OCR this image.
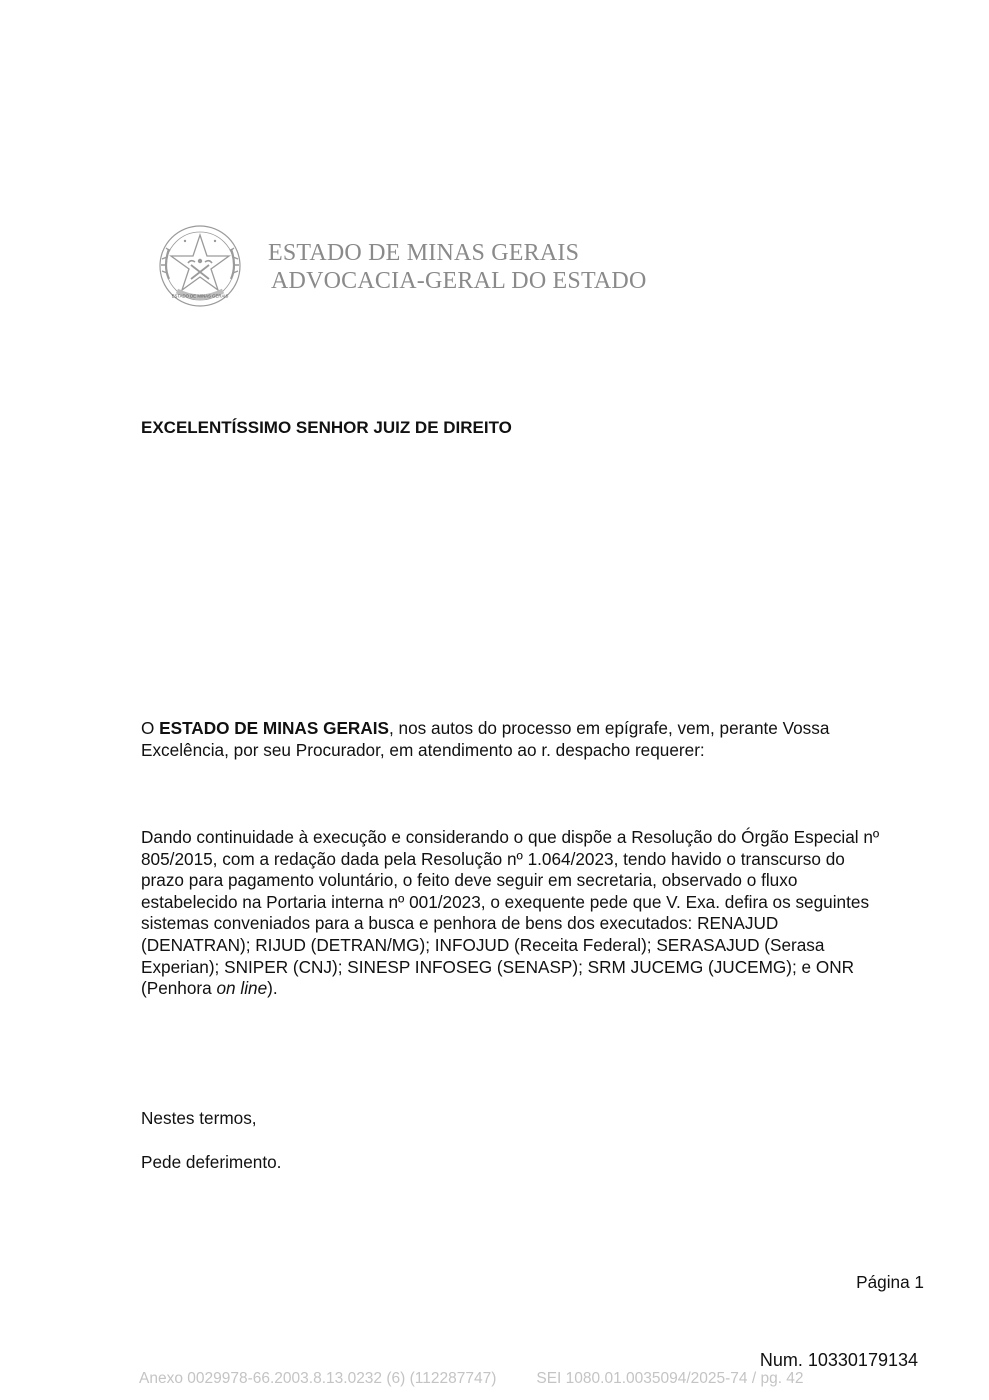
ESTADO DE MINAS GERAIS
ESTADO DE MINAS GERAIS
ADVOCACIA-GERAL DO ESTADO
EXCELENTÍSSIMO SENHOR JUIZ DE DIREITO

O ESTADO DE MINAS GERAIS, nos autos do processo em epígrafe, vem, perante Vossa Excelência, por seu Procurador, em atendimento ao r. despacho requerer:

Dando continuidade à execução e considerando o que dispõe a Resolução do Órgão Especial nº 805/2015, com a redação dada pela Resolução nº 1.064/2023, tendo havido o transcurso do prazo para pagamento voluntário, o feito deve seguir em secretaria, observado o fluxo estabelecido na Portaria interna nº 001/2023, o exequente pede que V. Exa. defira os seguintes sistemas conveniados para a busca e penhora de bens dos executados: RENAJUD (DENATRAN); RIJUD (DETRAN/MG); INFOJUD (Receita Federal); SERASAJUD (Serasa Experian); SNIPER (CNJ); SINESP INFOSEG (SENASP); SRM JUCEMG (JUCEMG); e ONR (Penhora on line).

Nestes termos,
Pede deferimento.
Página 1
Num. 10330179134
Anexo 0029978-66.2003.8.13.0232 (6) (112287747)	SEI 1080.01.0035094/2025-74 / pg. 42
